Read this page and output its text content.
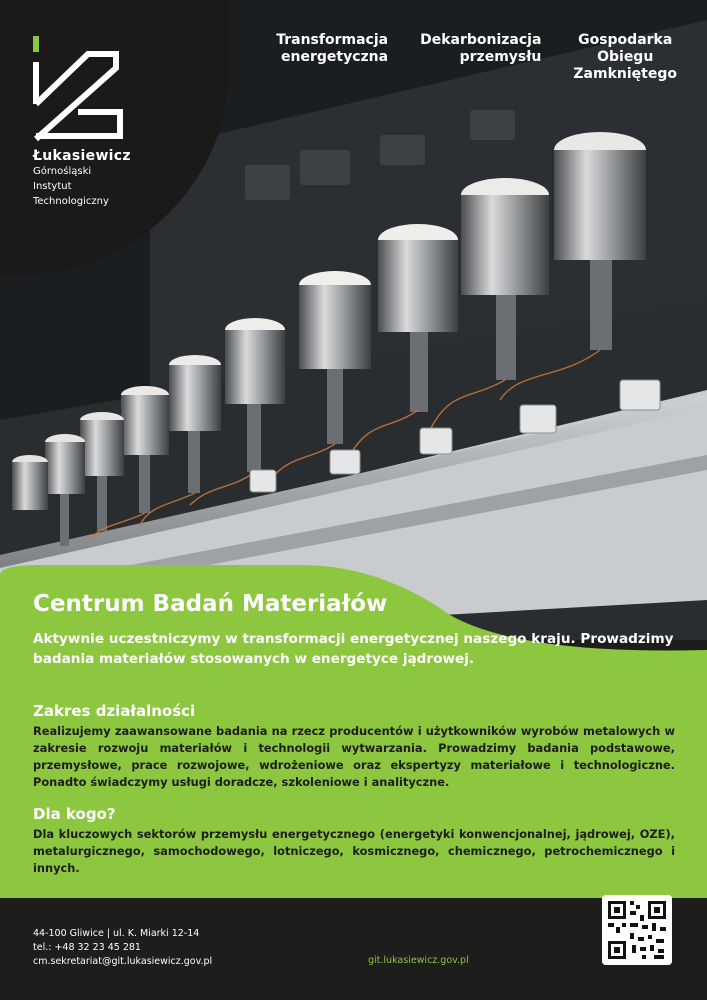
Łukasiewicz
Górnośląski
Instytut
Technologiczny
Transformacja
energetyczna
Dekarbonizacja
przemysłu
Gospodarka
Obiegu
Zamkniętego
Centrum Badań Materiałów
Aktywnie uczestniczymy w transformacji energetycznej naszego kraju. Prowadzimy badania materiałów stosowanych w energetyce jądrowej.
Zakres działalności
Realizujemy zaawansowane badania na rzecz producentów i użytkowników wyrobów metalowych w zakresie rozwoju materiałów i technologii wytwarzania. Prowadzimy badania podstawowe, przemysłowe, prace rozwojowe, wdrożeniowe oraz ekspertyzy materiałowe i technologiczne. Ponadto świadczymy usługi doradcze, szkoleniowe i analityczne.
Dla kogo?
Dla kluczowych sektorów przemysłu energetycznego (energetyki konwencjonalnej, jądrowej, OZE), metalurgicznego, samochodowego, lotniczego, kosmicznego, chemicznego, petrochemicznego i innych.
44-100 Gliwice | ul. K. Miarki 12-14
tel.: +48 32 23 45 281
cm.sekretariat@git.lukasiewicz.gov.pl	git.lukasiewicz.gov.pl
